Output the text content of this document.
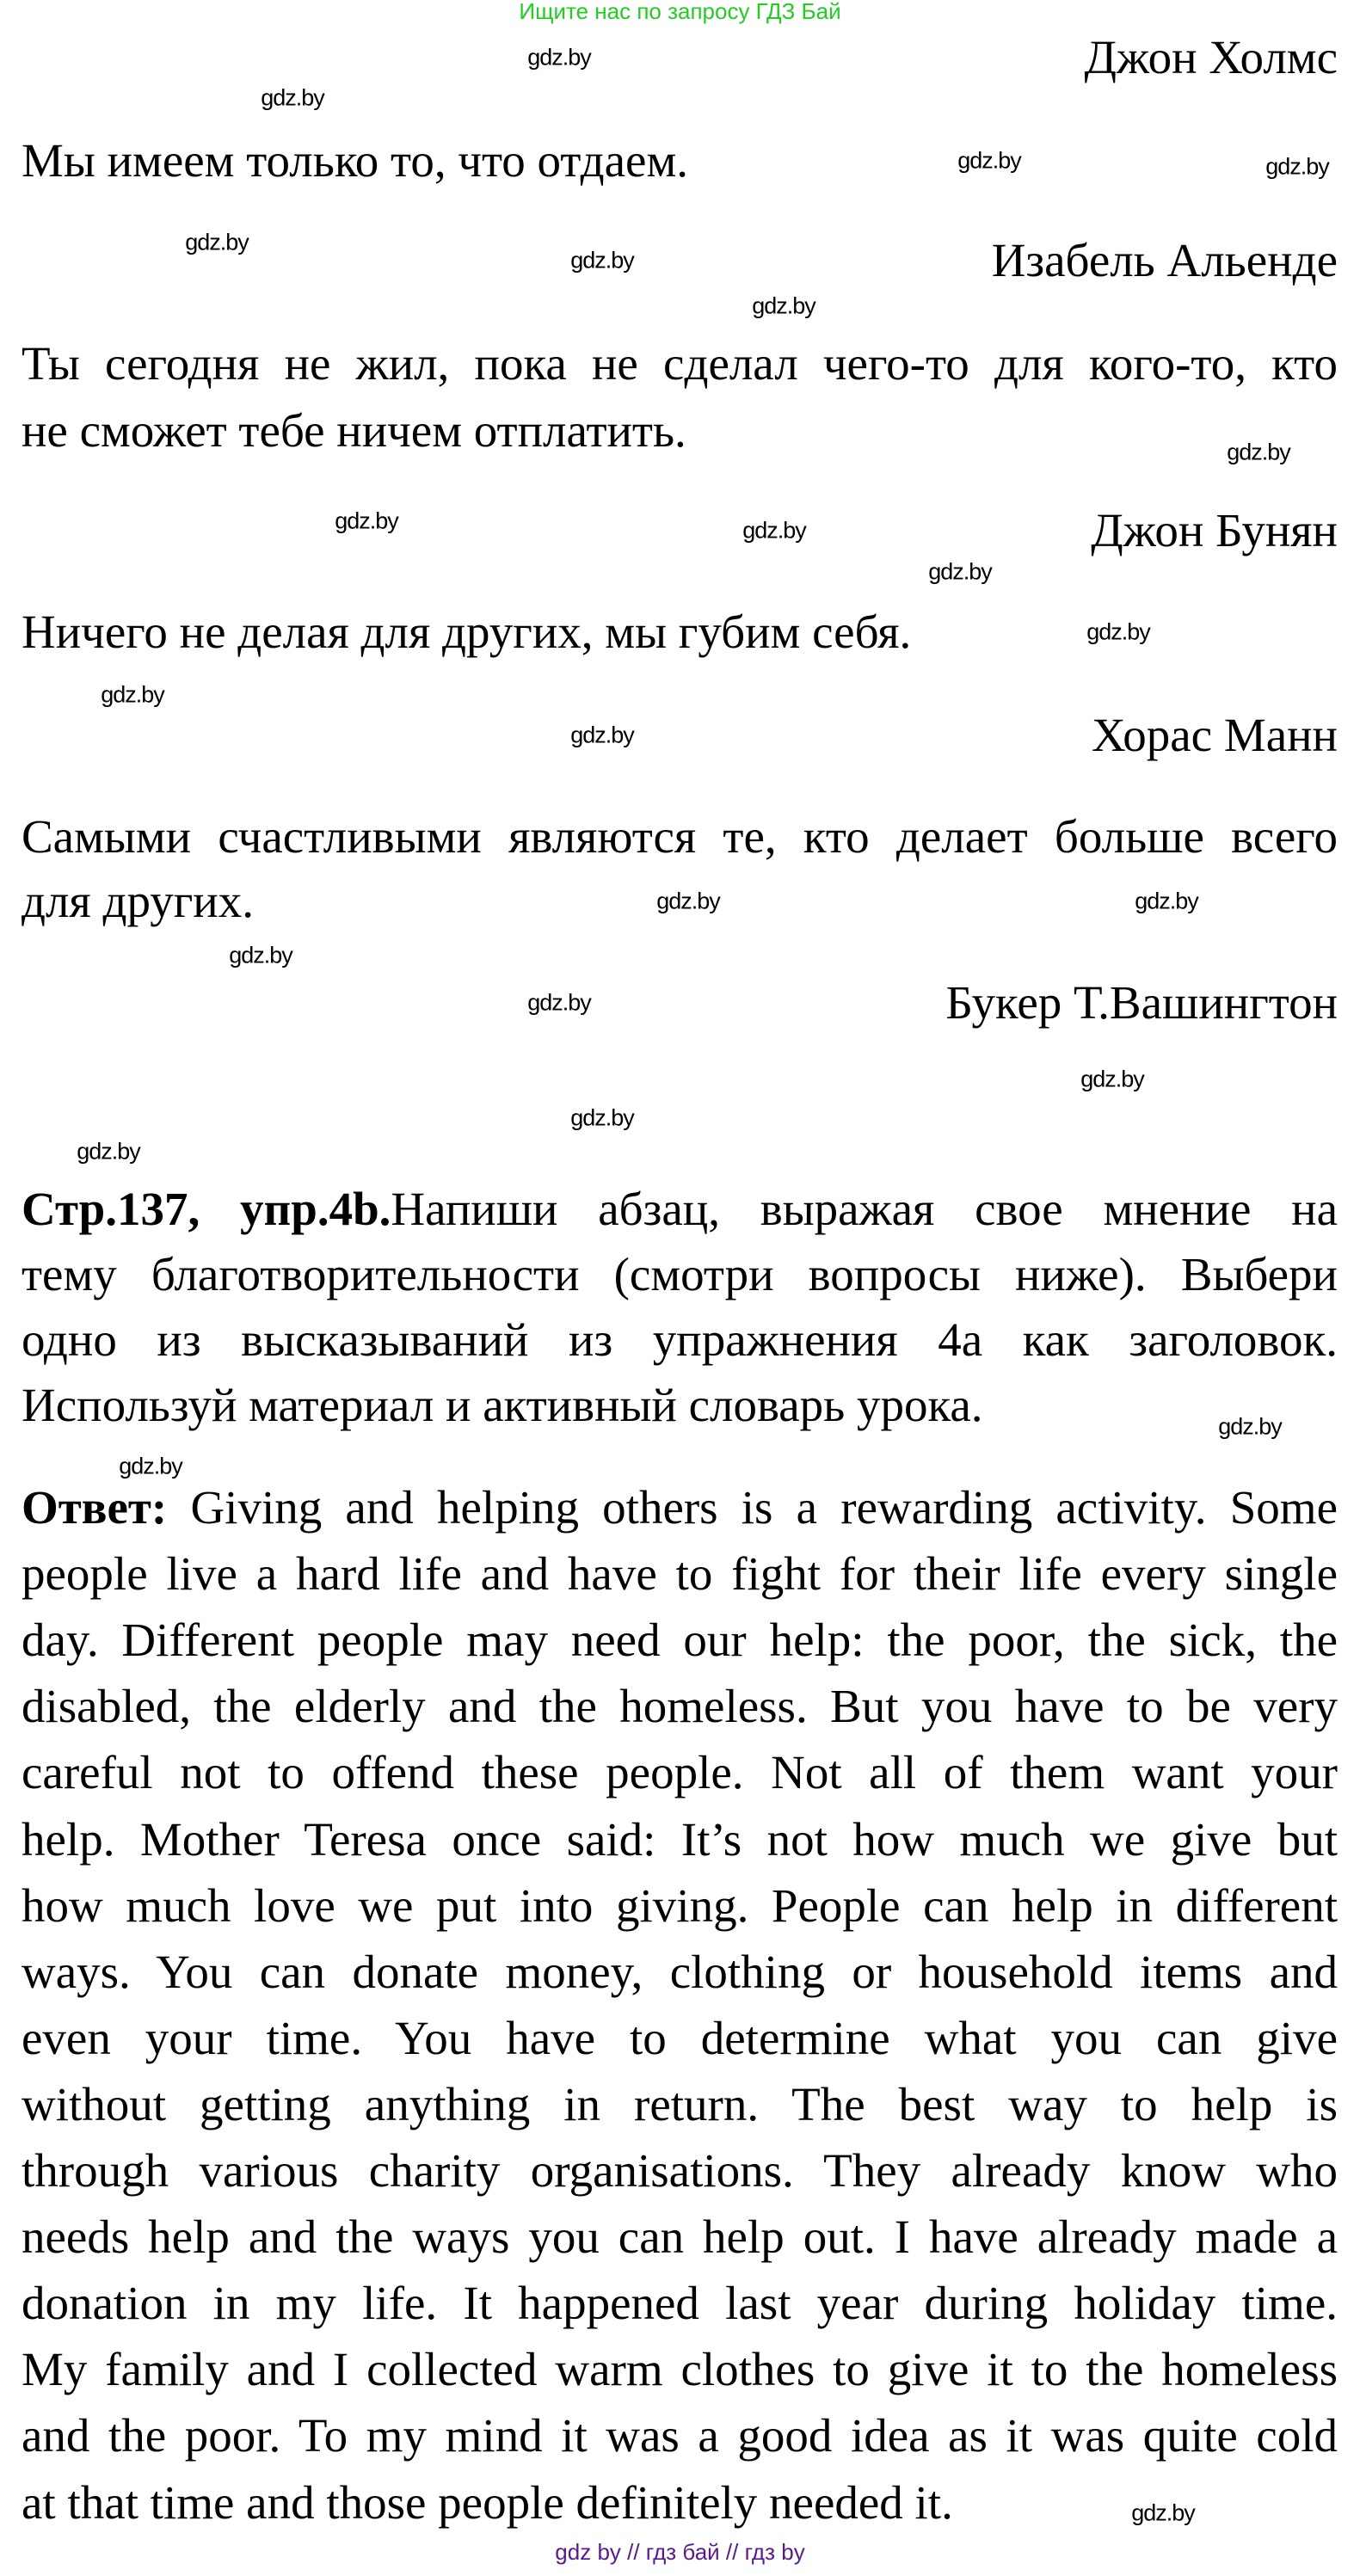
Ищите нас по запросу ГДЗ Бай
Джон Холмс
Мы имеем только то, что отдаем.
Изабель Альенде
Ты сегодня не жил, пока не сделал чего-то для кого-то, кто
не сможет тебе ничем отплатить.
Джон Бунян
Ничего не делая для других, мы губим себя.
Хорас Манн
Самыми счастливыми являются те, кто делает больше всего
для других.
Букер Т.Вашингтон
Стр.137, упр.4b.Напиши абзац, выражая свое мнение на
тему благотворительности (смотри вопросы ниже). Выбери
одно из высказываний из упражнения 4а как заголовок.
Используй материал и активный словарь урока.
Ответ: Giving and helping others is a rewarding activity. Some
people live a hard life and have to fight for their life every single
day. Different people may need our help: the poor, the sick, the
disabled, the elderly and the homeless. But you have to be very
careful not to offend these people. Not all of them want your
help. Mother Teresa once said: It’s not how much we give but
how much love we put into giving. People can help in different
ways. You can donate money, clothing or household items and
even your time. You have to determine what you can give
without getting anything in return. The best way to help is
through various charity organisations. They already know who
needs help and the ways you can help out. I have already made a
donation in my life. It happened last year during holiday time.
My family and I collected warm clothes to give it to the homeless
and the poor. To my mind it was a good idea as it was quite cold
at that time and those people definitely needed it.
gdz.by
gdz.by
gdz.by
gdz.by
gdz.by
gdz.by
gdz.by
gdz.by
gdz.by
gdz.by
gdz.by
gdz.by
gdz.by
gdz.by
gdz.by
gdz.by
gdz.by
gdz.by
gdz.by
gdz.by
gdz.by
gdz.by
gdz.by
gdz.by
gdz by // гдз бай // гдз by
